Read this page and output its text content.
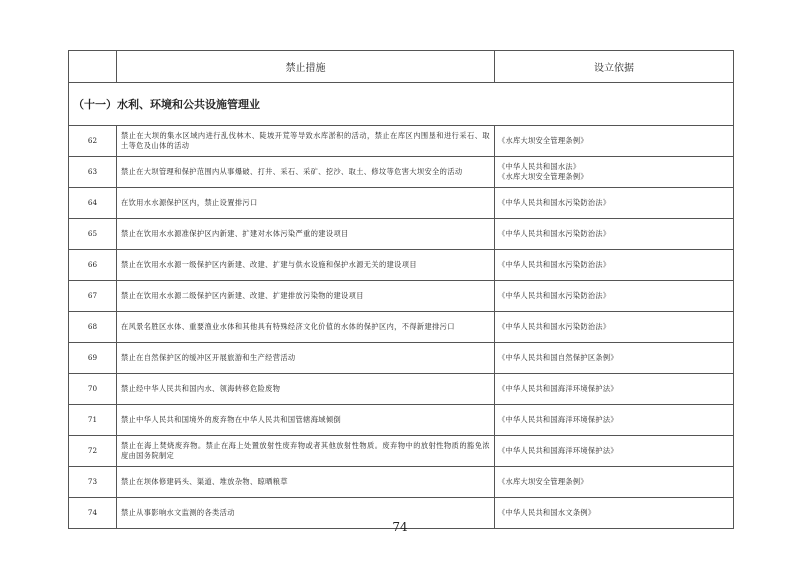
	禁止措施	设立依据
（十一）水利、环境和公共设施管理业		
62	禁止在大坝的集水区域内进行乱伐林木、陡坡开荒等导致水库淤积的活动，禁止在库区内围垦和进行采石、取土等危及山体的活动	《水库大坝安全管理条例》

63	禁止在大坝管理和保护范围内从事爆破、打井、采石、采矿、挖沙、取土、修坟等危害大坝安全的活动	《中华人民共和国水法》
《水库大坝安全管理条例》

64	在饮用水水源保护区内，禁止设置排污口	《中华人民共和国水污染防治法》

65	禁止在饮用水水源准保护区内新建、扩建对水体污染严重的建设项目	《中华人民共和国水污染防治法》

66	禁止在饮用水水源一级保护区内新建、改建、扩建与供水设施和保护水源无关的建设项目	《中华人民共和国水污染防治法》

67	禁止在饮用水水源二级保护区内新建、改建、扩建排放污染物的建设项目	《中华人民共和国水污染防治法》

68	在风景名胜区水体、重要渔业水体和其他具有特殊经济文化价值的水体的保护区内，不得新建排污口	《中华人民共和国水污染防治法》

69	禁止在自然保护区的缓冲区开展旅游和生产经营活动	《中华人民共和国自然保护区条例》

70	禁止经中华人民共和国内水、领海转移危险废物	《中华人民共和国海洋环境保护法》

71	禁止中华人民共和国境外的废弃物在中华人民共和国管辖海域倾倒	《中华人民共和国海洋环境保护法》

72	禁止在海上焚烧废弃物。禁止在海上处置放射性废弃物或者其他放射性物质。废弃物中的放射性物质的豁免浓度由国务院制定	《中华人民共和国海洋环境保护法》

73	禁止在坝体修建码头、渠道、堆放杂物、晾晒粮草	《水库大坝安全管理条例》

74	禁止从事影响水文监测的各类活动	《中华人民共和国水文条例》
74
